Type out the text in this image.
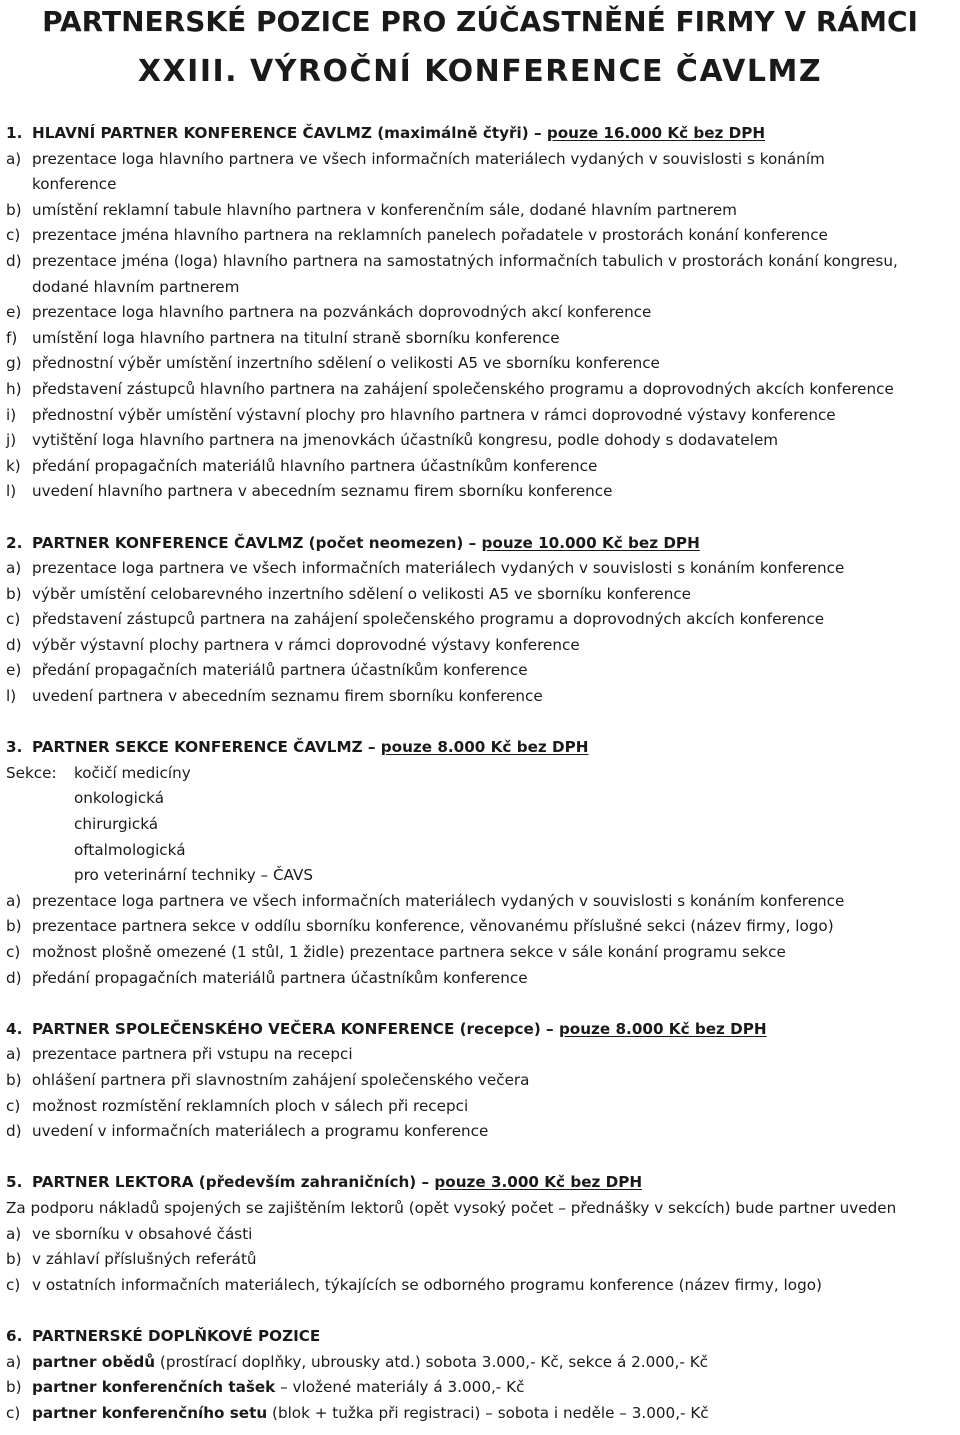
PARTNERSKÉ POZICE PRO ZÚČASTNĚNÉ FIRMY V RÁMCI
XXIII. VÝROČNÍ KONFERENCE ČAVLMZ
1. HLAVNÍ PARTNER KONFERENCE ČAVLMZ (maximálně čtyři) – pouze 16.000 Kč bez DPH
a) prezentace loga hlavního partnera ve všech informačních materiálech vydaných v souvislosti s konáním
konference
b) umístění reklamní tabule hlavního partnera v konferenčním sále, dodané hlavním partnerem
c) prezentace jména hlavního partnera na reklamních panelech pořadatele v prostorách konání konference
d) prezentace jména (loga) hlavního partnera na samostatných informačních tabulich v prostorách konání kongresu,
dodané hlavním partnerem
e) prezentace loga hlavního partnera na pozvánkách doprovodných akcí konference
f) umístění loga hlavního partnera na titulní straně sborníku konference
g) přednostní výběr umístění inzertního sdělení o velikosti A5 ve sborníku konference
h) představení zástupců hlavního partnera na zahájení společenského programu a doprovodných akcích konference
i)	přednostní výběr umístění výstavní plochy pro hlavního partnera v rámci doprovodné výstavy konference
j)	vytištění loga hlavního partnera na jmenovkách účastníků kongresu, podle dohody s dodavatelem
k) předání propagačních materiálů hlavního partnera účastníkům konference
l)	uvedení hlavního partnera v abecedním seznamu firem sborníku konference
2. PARTNER KONFERENCE ČAVLMZ (počet neomezen) – pouze 10.000 Kč bez DPH
a) prezentace loga partnera ve všech informačních materiálech vydaných v souvislosti s konáním konference
b) výběr umístění celobarevného inzertního sdělení o velikosti A5 ve sborníku konference
c) představení zástupců partnera na zahájení společenského programu a doprovodných akcích konference
d) výběr výstavní plochy partnera v rámci doprovodné výstavy konference
e) předání propagačních materiálů partnera účastníkům konference
l)	uvedení partnera v abecedním seznamu firem sborníku konference
3. PARTNER SEKCE KONFERENCE ČAVLMZ – pouze 8.000 Kč bez DPH
Sekce:	kočičí medicíny
onkologická
chirurgická
oftalmologická
pro veterinární techniky – ČAVS
a) prezentace loga partnera ve všech informačních materiálech vydaných v souvislosti s konáním konference
b) prezentace partnera sekce v oddílu sborníku konference, věnovanému příslušné sekci (název firmy, logo)
c) možnost plošně omezené (1 stůl, 1 židle) prezentace partnera sekce v sále konání programu sekce
d) předání propagačních materiálů partnera účastníkům konference
4. PARTNER SPOLEČENSKÉHO VEČERA KONFERENCE (recepce) – pouze 8.000 Kč bez DPH
a) prezentace partnera při vstupu na recepci
b) ohlášení partnera při slavnostním zahájení společenského večera
c) možnost rozmístění reklamních ploch v sálech při recepci
d) uvedení v informačních materiálech a programu konference
5. PARTNER LEKTORA (především zahraničních) – pouze 3.000 Kč bez DPH
Za podporu nákladů spojených se zajištěním lektorů (opět vysoký počet – přednášky v sekcích) bude partner uveden
a) ve sborníku v obsahové části
b) v záhlaví příslušných referátů
c) v ostatních informačních materiálech, týkajících se odborného programu konference (název firmy, logo)
6. PARTNERSKÉ DOPLŇKOVÉ POZICE
a) partner obědů (prostírací doplňky, ubrousky atd.) sobota 3.000,- Kč, sekce á 2.000,- Kč
b) partner konferenčních tašek – vložené materiály á 3.000,- Kč
c) partner konferenčního setu (blok + tužka při registraci) – sobota i neděle – 3.000,- Kč
